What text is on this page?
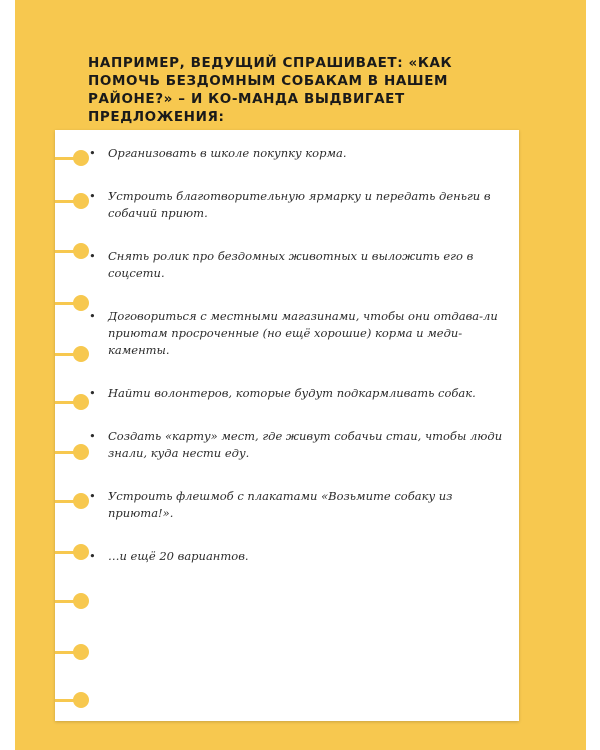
НАПРИМЕР, ВЕДУЩИЙ СПРАШИВАЕТ: «КАК ПОМОЧЬ БЕЗДОМНЫМ СОБАКАМ В НАШЕМ РАЙОНЕ?» – И КО-МАНДА ВЫДВИГАЕТ ПРЕДЛОЖЕНИЯ:
• Организовать в школе покупку корма.
• Устроить благотворительную ярмарку и передать деньги в собачий приют.
• Снять ролик про бездомных животных и выложить его в соцсети.
• Договориться с местными магазинами, чтобы они отдава-ли приютам просроченные (но ещё хорошие) корма и меди-каменты.
• Найти волонтеров, которые будут подкармливать собак.
• Создать «карту» мест, где живут собачьи стаи, чтобы люди знали, куда нести еду.
• Устроить флешмоб с плакатами «Возьмите собаку из приюта!».
• …и ещё 20 вариантов.
